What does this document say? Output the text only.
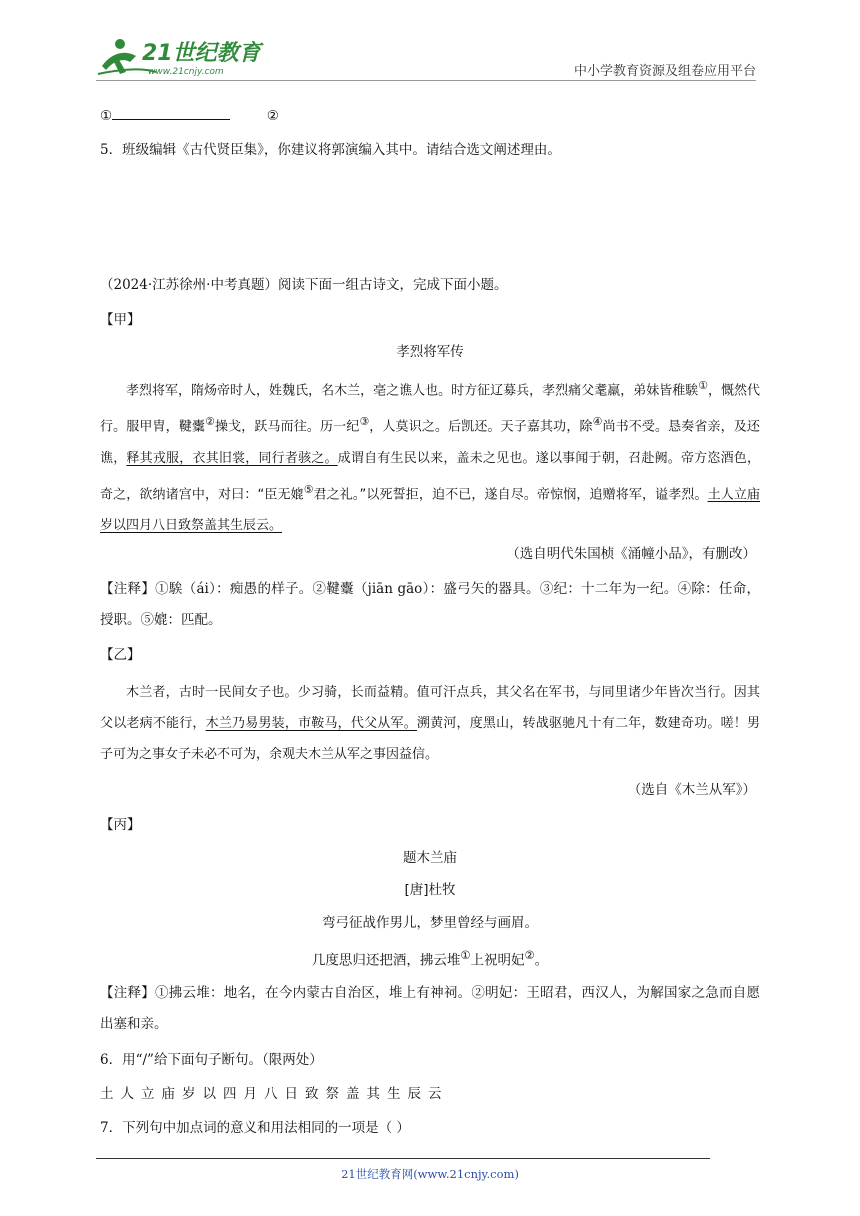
21世纪教育
www.21cnjy.com	中小学教育资源及组卷应用平台
①	②
5．班级编辑《古代贤臣集》，你建议将郭演编入其中。请结合选文阐述理由。
（2024·江苏徐州·中考真题）阅读下面一组古诗文，完成下面小题。
【甲】
孝烈将军传
孝烈将军，隋炀帝时人，姓魏氏，名木兰，亳之谯人也。时方征辽募兵，孝烈痛父耄羸，弟妹皆稚騃①，慨然代行。服甲胄，鞬櫜②操戈，跃马而往。历一纪③，人莫识之。后凯还。天子嘉其功，除④尚书不受。恳奏省亲，及还谯，释其戎服，衣其旧裳，同行者骇之。成谓自有生民以来，盖未之见也。遂以事闻于朝，召赴阙。帝方恣酒色，奇之，欲纳诸宫中，对曰：“臣无媲⑤君之礼。”以死誓拒，迫不已，遂自尽。帝惊悯，追赠将军，谥孝烈。土人立庙岁以四月八日致祭盖其生辰云。
（选自明代朱国桢《涌幢小品》，有删改）
【注释】①騃（ái）：痴愚的样子。②鞬櫜（jiān gāo）：盛弓矢的器具。③纪：十二年为一纪。④除：任命，授职。⑤媲：匹配。
【乙】
木兰者，古时一民间女子也。少习骑，长而益精。值可汗点兵，其父名在军书，与同里诸少年皆次当行。因其父以老病不能行，木兰乃易男装，市鞍马，代父从军。溯黄河，度黑山，转战驱驰凡十有二年，数建奇功。嗟！男子可为之事女子未必不可为，余观夫木兰从军之事因益信。
（选自《木兰从军》）
【丙】
题木兰庙
[唐]杜牧
弯弓征战作男儿，梦里曾经与画眉。
几度思归还把酒，拂云堆①上祝明妃②。
【注释】①拂云堆：地名，在今内蒙古自治区，堆上有神祠。②明妃：王昭君，西汉人，为解国家之急而自愿出塞和亲。
6．用“/”给下面句子断句。（限两处）
土人立庙岁以四月八日致祭盖其生辰云
7．下列句中加点词的意义和用法相同的一项是（ ）
21世纪教育网(www.21cnjy.com)
